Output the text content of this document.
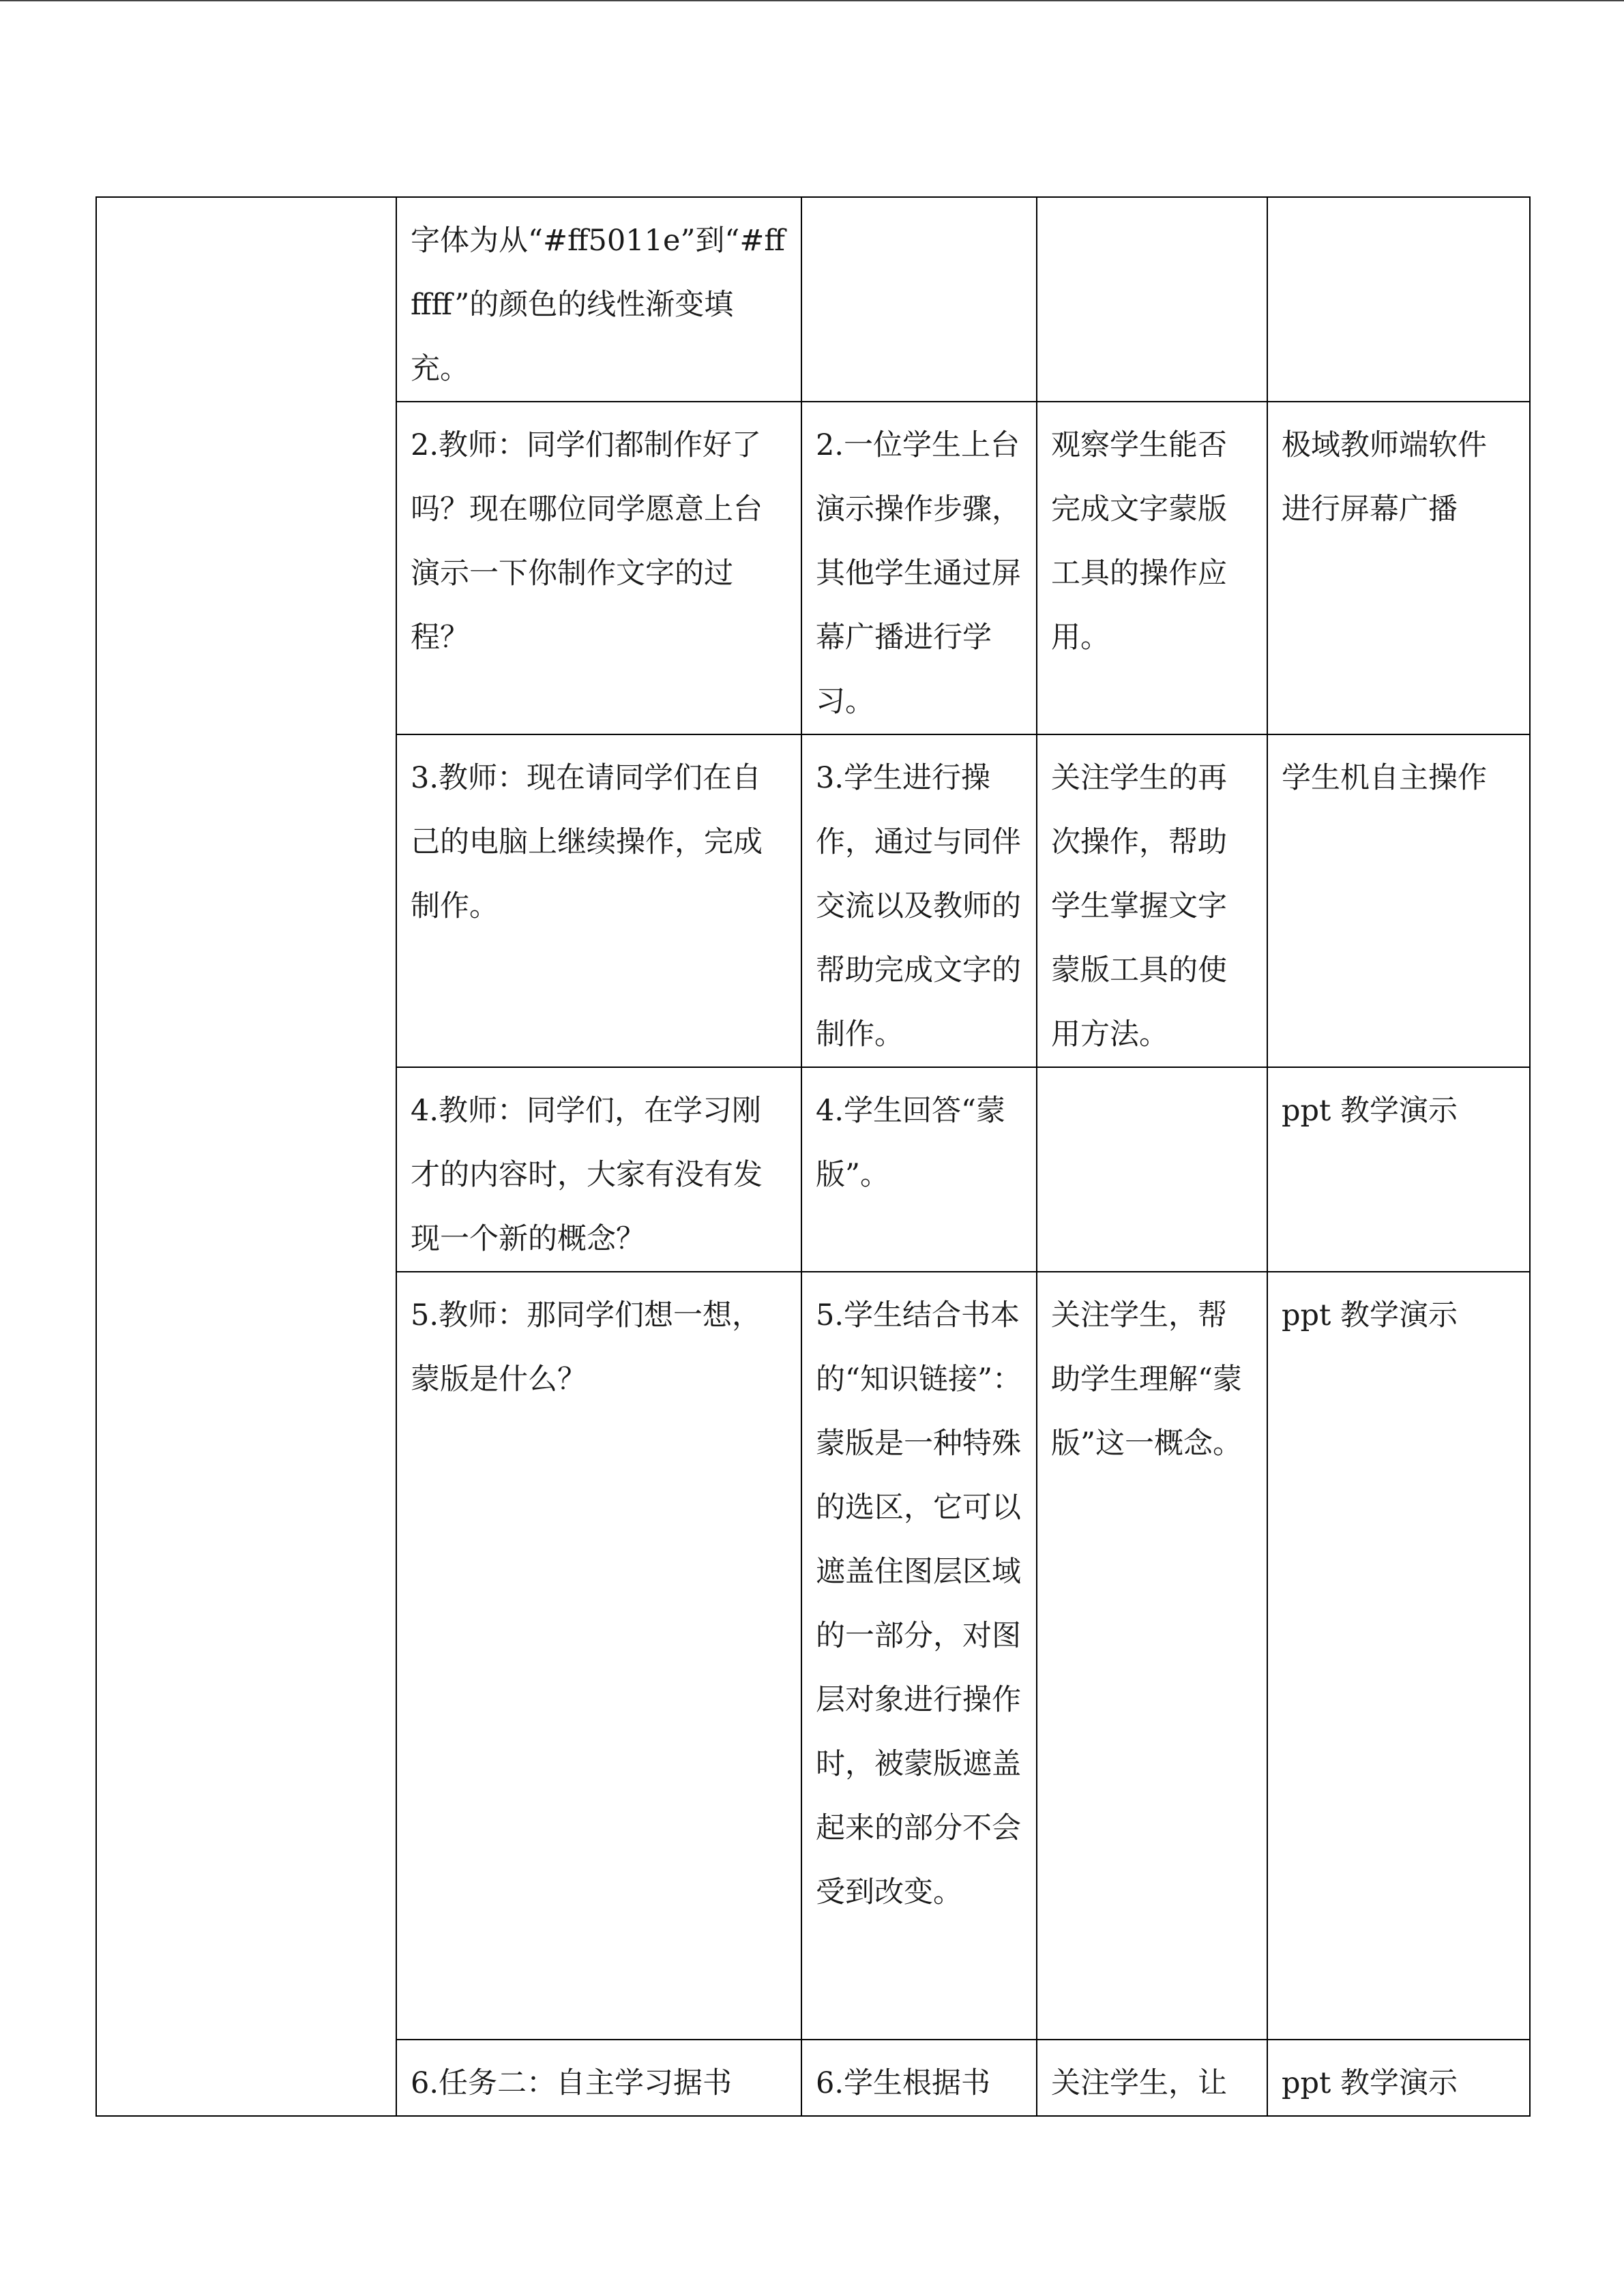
	字体为从“#ff5011e”到“#ffffff”的颜色的线性渐变填充。			
	2.教师：同学们都制作好了吗？现在哪位同学愿意上台演示一下你制作文字的过程？	2.一位学生上台演示操作步骤，其他学生通过屏幕广播进行学习。	观察学生能否完成文字蒙版工具的操作应用。	极域教师端软件进行屏幕广播
	3.教师：现在请同学们在自己的电脑上继续操作，完成制作。	3.学生进行操作，通过与同伴交流以及教师的帮助完成文字的制作。	关注学生的再次操作，帮助学生掌握文字蒙版工具的使用方法。	学生机自主操作
	4.教师：同学们，在学习刚才的内容时，大家有没有发现一个新的概念？	4.学生回答“蒙版”。		ppt 教学演示
	5.教师：那同学们想一想，蒙版是什么？	5.学生结合书本的“知识链接”：蒙版是一种特殊的选区，它可以遮盖住图层区域的一部分，对图层对象进行操作时，被蒙版遮盖起来的部分不会受到改变。	关注学生，帮助学生理解“蒙版”这一概念。	ppt 教学演示
	6.任务二：自主学习据书	6.学生根据书	关注学生，让	ppt 教学演示
